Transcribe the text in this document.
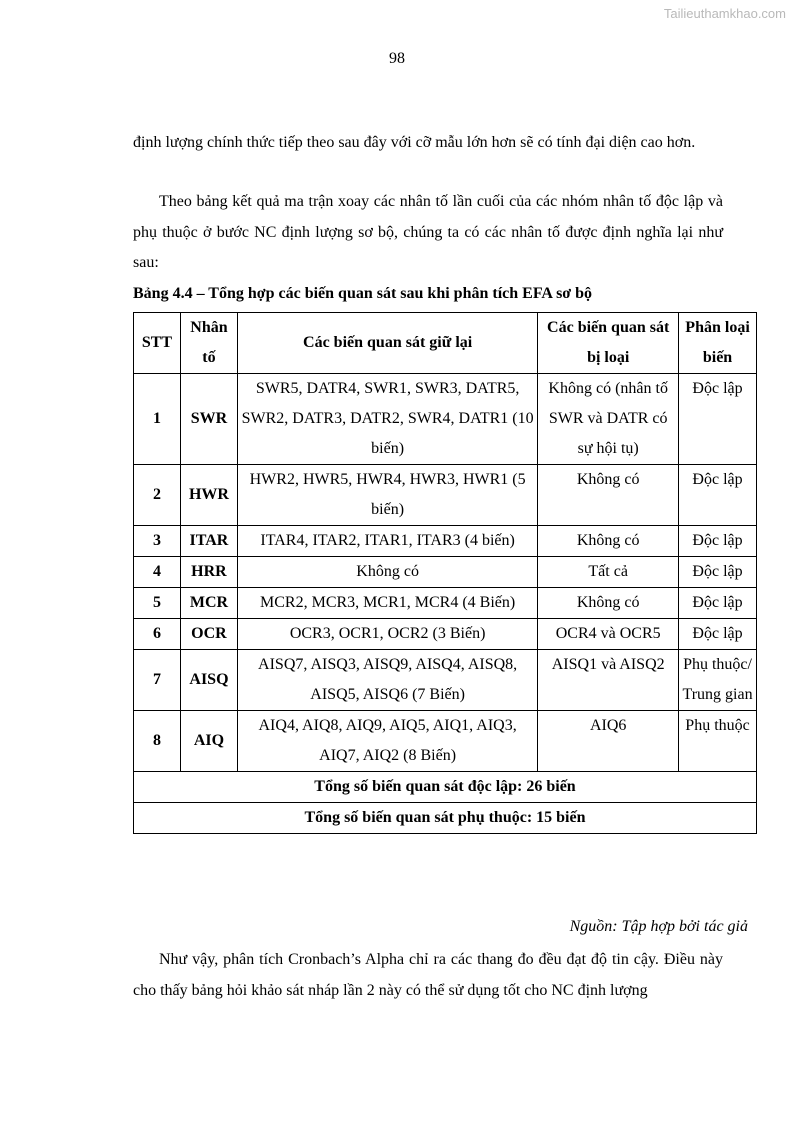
Tailieuthamkhao.com
98

định lượng chính thức tiếp theo sau đây với cỡ mẫu lớn hơn sẽ có tính đại diện cao hơn.

Theo bảng kết quả ma trận xoay các nhân tố lần cuối của các nhóm nhân tố độc lập và phụ thuộc ở bước NC định lượng sơ bộ, chúng ta có các nhân tố được định nghĩa lại như sau:

Bảng 4.4 – Tổng hợp các biến quan sát sau khi phân tích EFA sơ bộ

STT	Nhân tố	Các biến quan sát giữ lại	Các biến quan sát bị loại	Phân loại biến
1	SWR	SWR5, DATR4, SWR1, SWR3, DATR5, SWR2, DATR3, DATR2, SWR4, DATR1 (10 biến)	Không có (nhân tố SWR và DATR có sự hội tụ)	Độc lập
2	HWR	HWR2, HWR5, HWR4, HWR3, HWR1 (5 biến)	Không có	Độc lập
3	ITAR	ITAR4, ITAR2, ITAR1, ITAR3 (4 biến)	Không có	Độc lập
4	HRR	Không có	Tất cả	Độc lập
5	MCR	MCR2, MCR3, MCR1, MCR4 (4 Biến)	Không có	Độc lập
6	OCR	OCR3, OCR1, OCR2 (3 Biến)	OCR4 và OCR5	Độc lập
7	AISQ	AISQ7, AISQ3, AISQ9, AISQ4, AISQ8, AISQ5, AISQ6 (7 Biến)	AISQ1 và AISQ2	Phụ thuộc/ Trung gian
8	AIQ	AIQ4, AIQ8, AIQ9, AIQ5, AIQ1, AIQ3, AIQ7, AIQ2 (8 Biến)	AIQ6	Phụ thuộc
Tổng số biến quan sát độc lập: 26 biến				
Tổng số biến quan sát phụ thuộc: 15 biến				

Nguồn: Tập hợp bởi tác giả

Như vậy, phân tích Cronbach’s Alpha chỉ ra các thang đo đều đạt độ tin cậy. Điều này cho thấy bảng hỏi khảo sát nháp lần 2 này có thể sử dụng tốt cho NC định lượng
